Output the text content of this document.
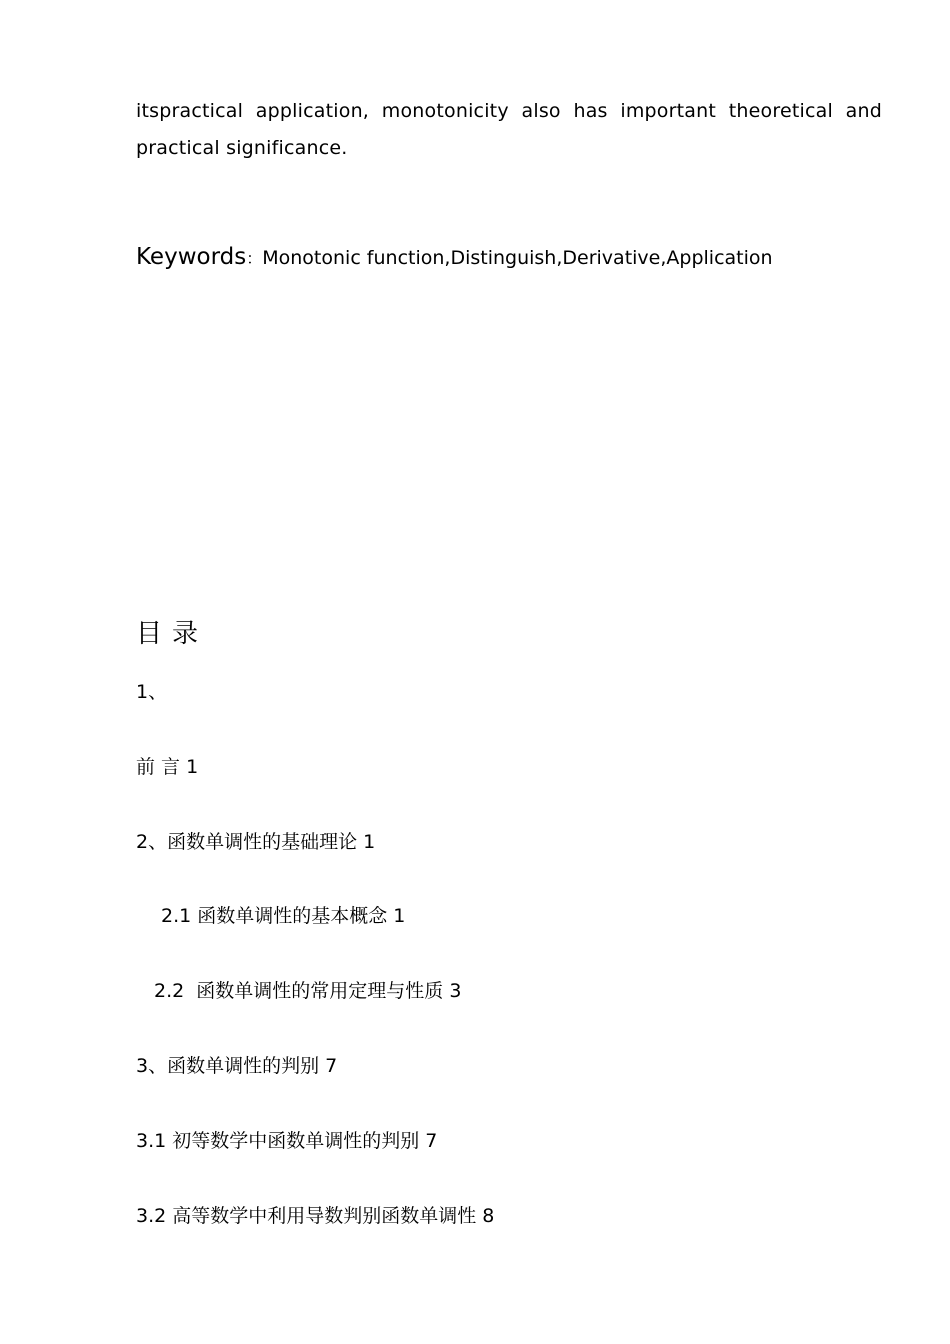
itspractical application, monotonicity also has important theoretical and
practical significance.
Keywords：Monotonic function,Distinguish,Derivative,Application
目录
1、
前 言 1
2、函数单调性的基础理论 1
2.1 函数单调性的基本概念 1
2.2  函数单调性的常用定理与性质 3
3、函数单调性的判别 7
3.1 初等数学中函数单调性的判别 7
3.2 高等数学中利用导数判别函数单调性 8
